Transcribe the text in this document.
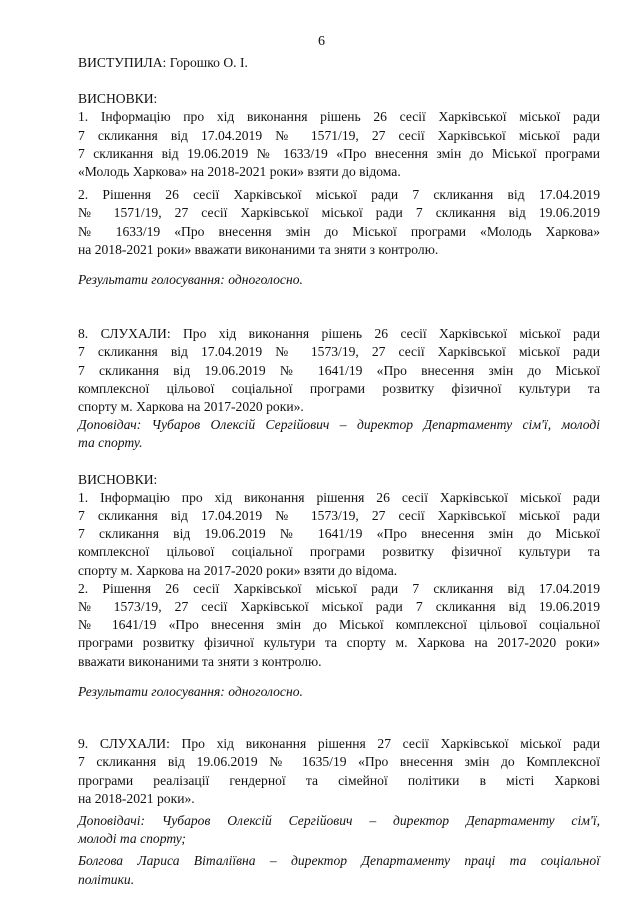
6
ВИСТУПИЛА: Горошко О. І.
ВИСНОВКИ:
1. Інформацію про хід виконання рішень 26 сесії Харківської міської ради
7 скликання від 17.04.2019 № 1571/19, 27 сесії Харківської міської ради
7 скликання від 19.06.2019 № 1633/19 «Про внесення змін до Міської програми
«Молодь Харкова» на 2018-2021 роки» взяти до відома.
2. Рішення 26 сесії Харківської міської ради 7 скликання від 17.04.2019
№ 1571/19, 27 сесії Харківської міської ради 7 скликання від 19.06.2019
№ 1633/19 «Про внесення змін до Міської програми «Молодь Харкова»
на 2018-2021 роки» вважати виконаними та зняти з контролю.
Результати голосування: одноголосно.
8. СЛУХАЛИ: Про хід виконання рішень 26 сесії Харківської міської ради
7 скликання від 17.04.2019 № 1573/19, 27 сесії Харківської міської ради
7 скликання від 19.06.2019 № 1641/19 «Про внесення змін до Міської
комплексної цільової соціальної програми розвитку фізичної культури та
спорту м. Харкова на 2017-2020 роки».
Доповідач: Чубаров Олексій Сергійович – директор Департаменту сім'ї, молоді
та спорту.
ВИСНОВКИ:
1. Інформацію про хід виконання рішення 26 сесії Харківської міської ради
7 скликання від 17.04.2019 № 1573/19, 27 сесії Харківської міської ради
7 скликання від 19.06.2019 № 1641/19 «Про внесення змін до Міської
комплексної цільової соціальної програми розвитку фізичної культури та
спорту м. Харкова на 2017-2020 роки» взяти до відома.
2. Рішення 26 сесії Харківської міської ради 7 скликання від 17.04.2019
№ 1573/19, 27 сесії Харківської міської ради 7 скликання від 19.06.2019
№ 1641/19 «Про внесення змін до Міської комплексної цільової соціальної
програми розвитку фізичної культури та спорту м. Харкова на 2017-2020 роки»
вважати виконаними та зняти з контролю.
Результати голосування: одноголосно.
9. СЛУХАЛИ: Про хід виконання рішення 27 сесії Харківської міської ради
7 скликання від 19.06.2019 № 1635/19 «Про внесення змін до Комплексної
програми реалізації гендерної та сімейної політики в місті Харкові
на 2018-2021 роки».
Доповідачі: Чубаров Олексій Сергійович – директор Департаменту сім'ї,
молоді та спорту;
Болгова Лариса Віталіївна – директор Департаменту праці та соціальної
політики.
